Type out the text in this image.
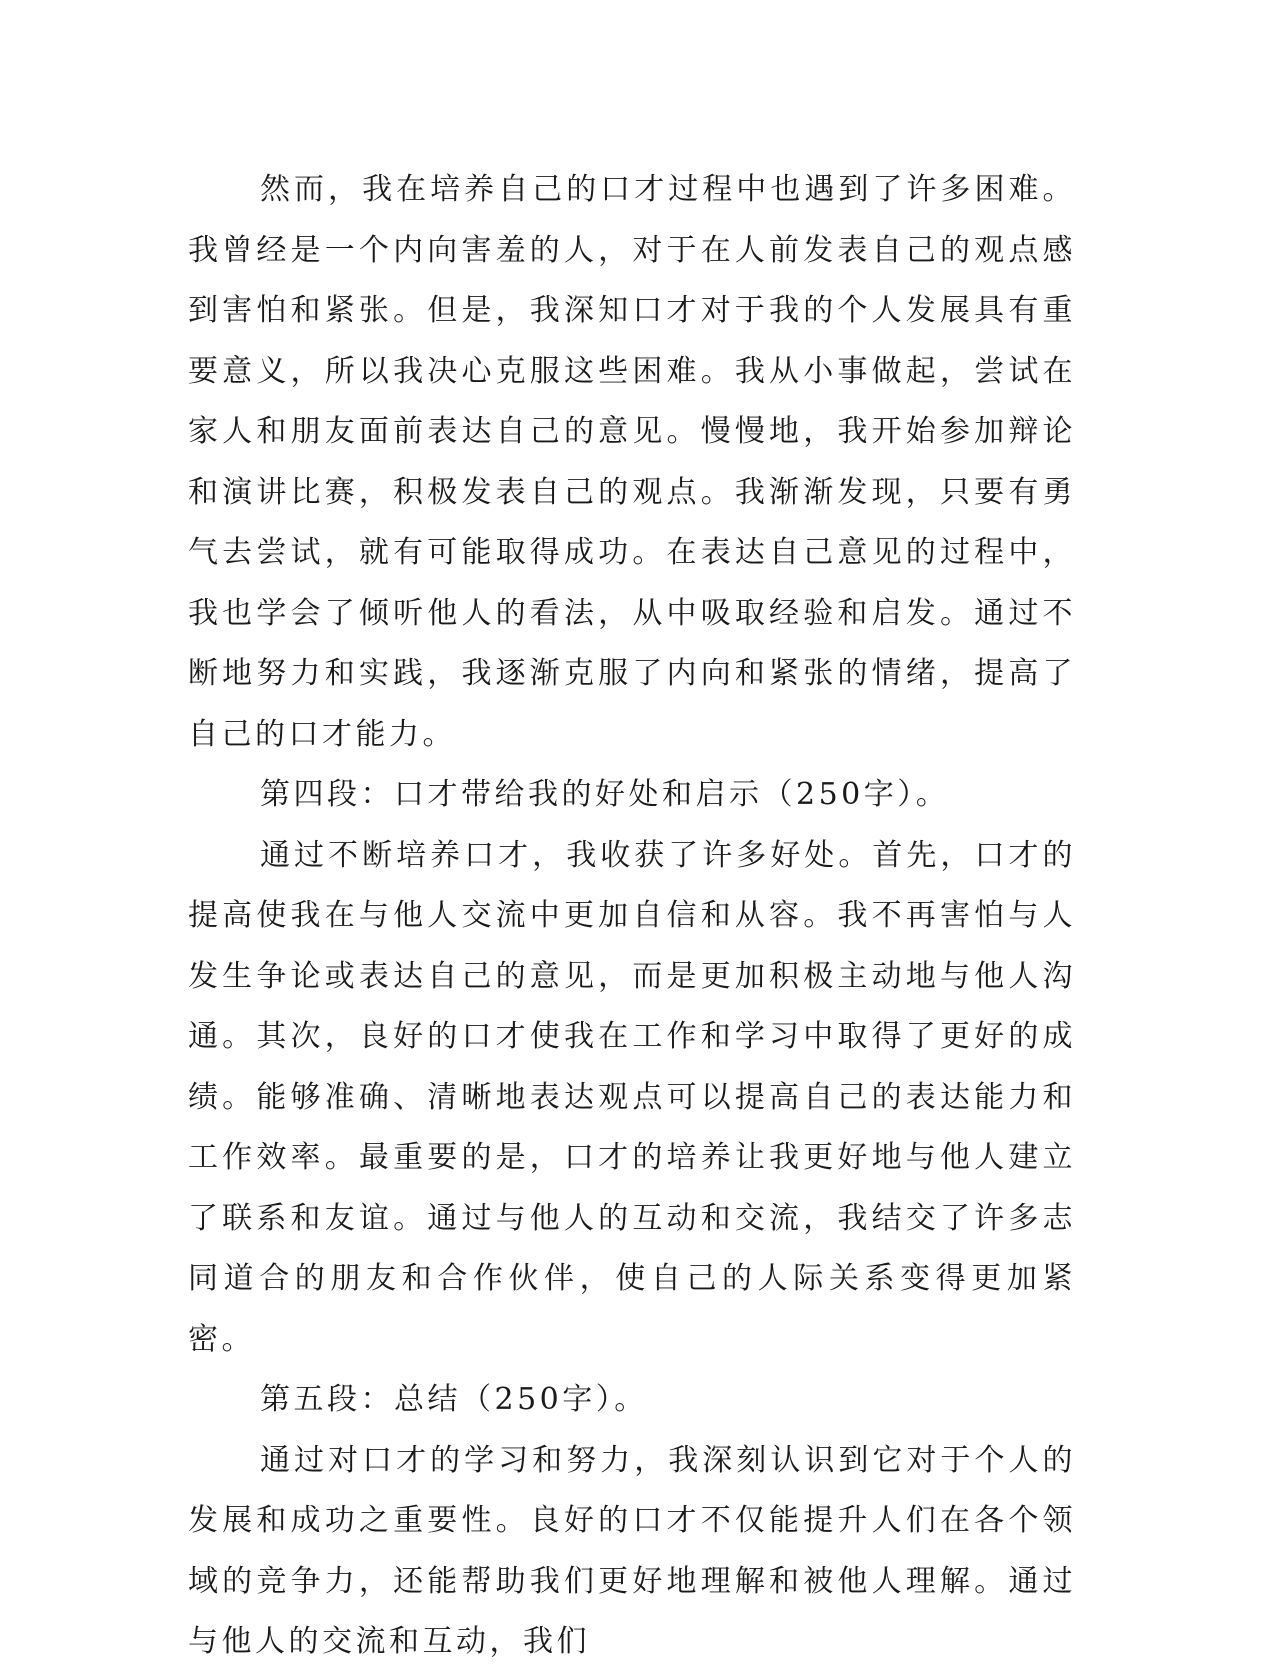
然而，我在培养自己的口才过程中也遇到了许多困难。我曾经是一个内向害羞的人，对于在人前发表自己的观点感到害怕和紧张。但是，我深知口才对于我的个人发展具有重要意义，所以我决心克服这些困难。我从小事做起，尝试在家人和朋友面前表达自己的意见。慢慢地，我开始参加辩论和演讲比赛，积极发表自己的观点。我渐渐发现，只要有勇气去尝试，就有可能取得成功。在表达自己意见的过程中，我也学会了倾听他人的看法，从中吸取经验和启发。通过不断地努力和实践，我逐渐克服了内向和紧张的情绪，提高了自己的口才能力。

第四段：口才带给我的好处和启示（250字）。

通过不断培养口才，我收获了许多好处。首先，口才的提高使我在与他人交流中更加自信和从容。我不再害怕与人发生争论或表达自己的意见，而是更加积极主动地与他人沟通。其次，良好的口才使我在工作和学习中取得了更好的成绩。能够准确、清晰地表达观点可以提高自己的表达能力和工作效率。最重要的是，口才的培养让我更好地与他人建立了联系和友谊。通过与他人的互动和交流，我结交了许多志同道合的朋友和合作伙伴，使自己的人际关系变得更加紧密。

第五段：总结（250字）。

通过对口才的学习和努力，我深刻认识到它对于个人的发展和成功之重要性。良好的口才不仅能提升人们在各个领域的竞争力，还能帮助我们更好地理解和被他人理解。通过与他人的交流和互动，我们
